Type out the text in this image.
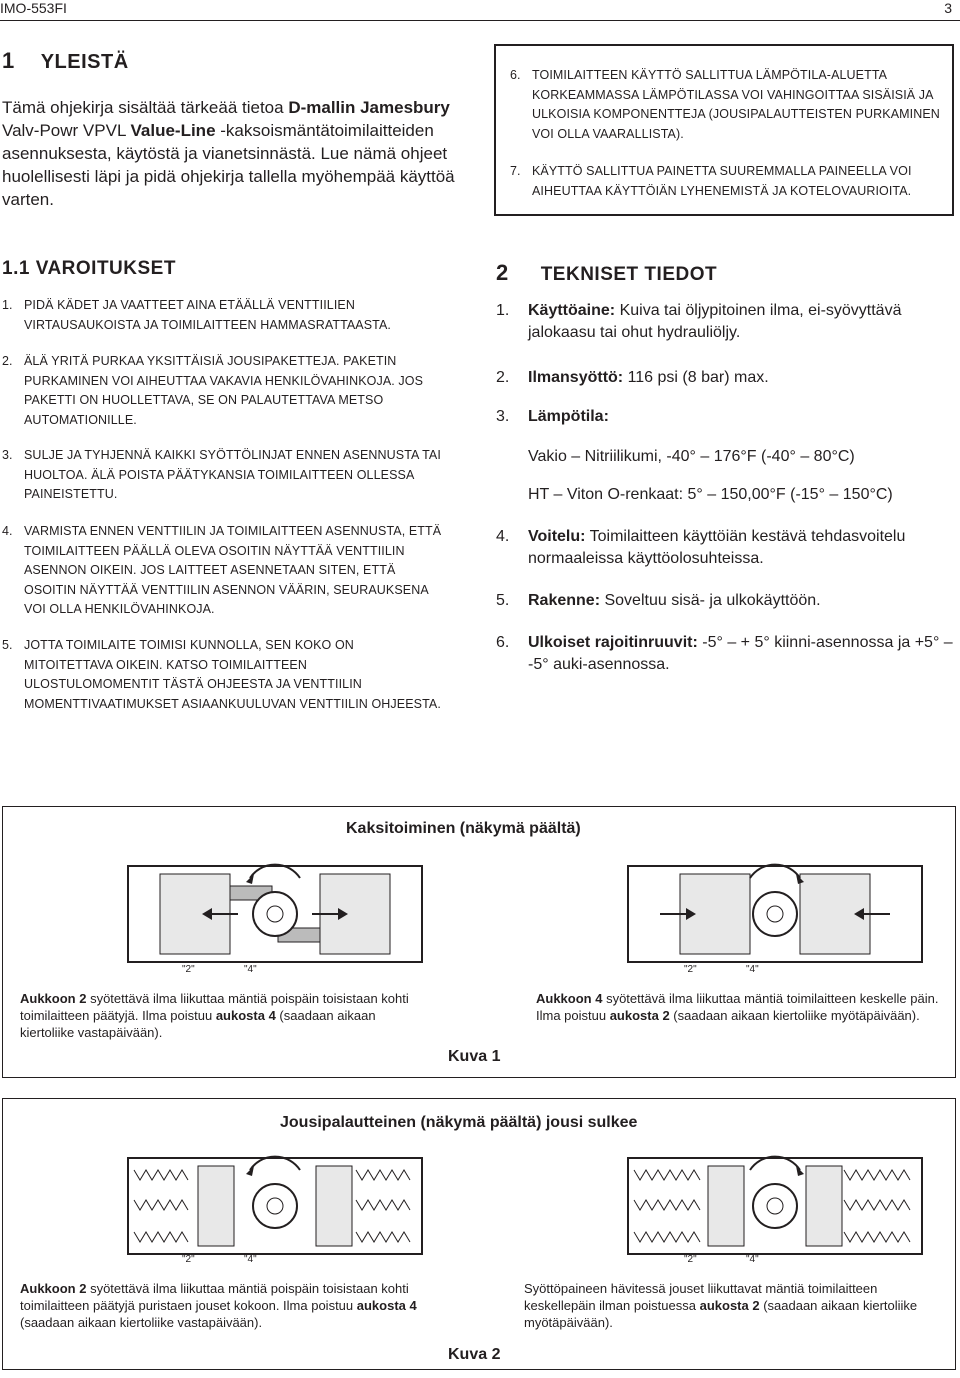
IMO-553FI	3
1 YLEISTÄ
Tämä ohjekirja sisältää tärkeää tietoa D-mallin Jamesbury Valv-Powr VPVL Value-Line -kaksoismäntätoimilaitteiden asennuksesta, käytöstä ja vianetsinnästä. Lue nämä ohjeet huolellisesti läpi ja pidä ohjekirja tallella myöhempää käyttöä varten.
6. TOIMILAITTEEN KÄYTTÖ SALLITTUA LÄMPÖTILA-ALUETTA KORKEAMMASSA LÄMPÖTILASSA VOI VAHINGOITTAA SISÄISIÄ JA ULKOISIA KOMPONENTTEJA (JOUSIPALAUTTEISTEN PURKAMINEN VOI OLLA VAARALLISTA).
7. KÄYTTÖ SALLITTUA PAINETTA SUUREMMALLA PAINEELLA VOI AIHEUTTAA KÄYTTÖIÄN LYHENEMISTÄ JA KOTELOVAURIOITA.
1.1 VAROITUKSET
1. PIDÄ KÄDET JA VAATTEET AINA ETÄÄLLÄ VENTTIILIEN VIRTAUSAUKOISTA JA TOIMILAITTEEN HAMMASRATTAASTA.
2. ÄLÄ YRITÄ PURKAA YKSITTÄISIÄ JOUSIPAKETTEJA. PAKETIN PURKAMINEN VOI AIHEUTTAA VAKAVIA HENKILÖVAHINKOJA. JOS PAKETTI ON HUOLLETTAVA, SE ON PALAUTETTAVA METSO AUTOMATIONILLE.
3. SULJE JA TYHJENNÄ KAIKKI SYÖTTÖLINJAT ENNEN ASENNUSTA TAI HUOLTOA. ÄLÄ POISTA PÄÄTYKANSIA TOIMILAITTEEN OLLESSA PAINEISTETTU.
4. VARMISTA ENNEN VENTTIILIN JA TOIMILAITTEEN ASENNUSTA, ETTÄ TOIMILAITTEEN PÄÄLLÄ OLEVA OSOITIN NÄYTTÄÄ VENTTIILIN ASENNON OIKEIN. JOS LAITTEET ASENNETAAN SITEN, ETTÄ OSOITIN NÄYTTÄÄ VENTTIILIN ASENNON VÄÄRIN, SEURAUKSENA VOI OLLA HENKILÖVAHINKOJA.
5. JOTTA TOIMILAITE TOIMISI KUNNOLLA, SEN KOKO ON MITOITETTAVA OIKEIN. KATSO TOIMILAITTEEN ULOSTULOMOMENTIT TÄSTÄ OHJEESTA JA VENTTIILIN MOMENTTIVAATIMUKSET ASIAANKUULUVAN VENTTIILIN OHJEESTA.
2 TEKNISET TIEDOT
1. Käyttöaine: Kuiva tai öljypitoinen ilma, ei-syövyttävä jalokaasu tai ohut hydrauliöljy.
2. Ilmansyöttö: 116 psi (8 bar) max.
3. Lämpötila:
Vakio – Nitriilikumi, -40° – 176°F (-40° – 80°C)
HT – Viton O-renkaat: 5° – 150,00°F (-15° – 150°C)
4. Voitelu: Toimilaitteen käyttöiän kestävä tehdasvoitelu normaaleissa käyttöolosuhteissa.
5. Rakenne: Soveltuu sisä- ja ulkokäyttöön.
6. Ulkoiset rajoitinruuvit: -5° – + 5° kiinni-asennossa ja +5° – -5° auki-asennossa.
Kaksitoiminen (näkymä päältä)
"2"	"4"	"2"	"4"
Aukkoon 2 syötettävä ilma liikuttaa mäntiä poispäin toisistaan kohti toimilaitteen päätyjä. Ilma poistuu aukosta 4 (saadaan aikaan kiertoliike vastapäivään).
Aukkoon 4 syötettävä ilma liikuttaa mäntiä toimilaitteen keskelle päin. Ilma poistuu aukosta 2 (saadaan aikaan kiertoliike myötäpäivään).
Kuva 1
Jousipalautteinen (näkymä päältä) jousi sulkee
"2"	"4"	"2"	"4"
Aukkoon 2 syötettävä ilma liikuttaa mäntiä poispäin toisistaan kohti toimilaitteen päätyjä puristaen jouset kokoon. Ilma poistuu aukosta 4 (saadaan aikaan kiertoliike vastapäivään).
Syöttöpaineen hävitessä jouset liikuttavat mäntiä toimilaitteen keskellepäin ilman poistuessa aukosta 2 (saadaan aikaan kiertoliike myötäpäivään).
Kuva 2
